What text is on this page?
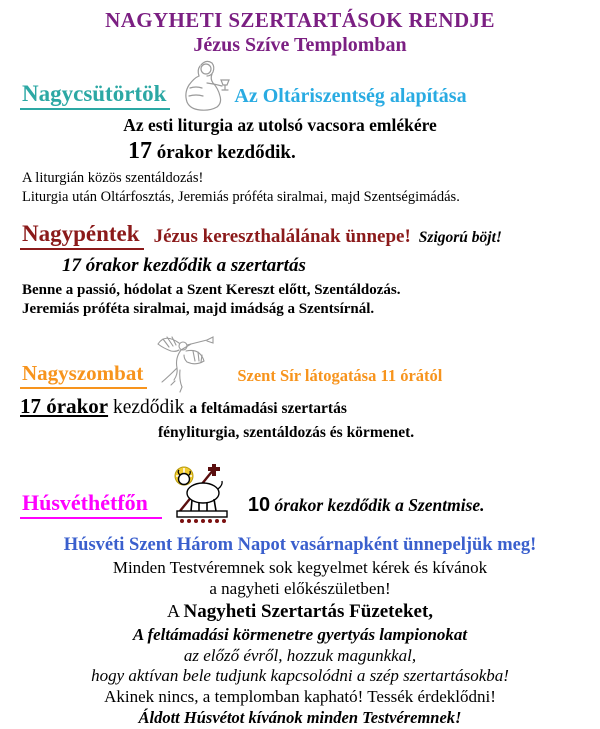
NAGYHETI SZERTARTÁSOK RENDJE
Jézus Szíve Templomban
Nagycsütörtök	Az Oltáriszentség alapítása
Az esti liturgia az utolsó vacsora emlékére
17 órakor kezdődik.
A liturgián közös szentáldozás!
Liturgia után Oltárfosztás, Jeremiás próféta siralmai, majd Szentségimádás.
Nagypéntek Jézus kereszthalálának ünnepe! Szigorú böjt!
17 órakor kezdődik a szertartás
Benne a passió, hódolat a Szent Kereszt előtt, Szentáldozás.
Jeremiás próféta siralmai, majd imádság a Szentsírnál.
Nagyszombat	Szent Sír látogatása 11 órától
17 órakor kezdődik a feltámadási szertartás
fényliturgia, szentáldozás és körmenet.
Húsvéthétfőn	10 órakor kezdődik a Szentmise.
Húsvéti Szent Három Napot vasárnapként ünnepeljük meg!
Minden Testvéremnek sok kegyelmet kérek és kívánok
a nagyheti előkészületben!
A Nagyheti Szertartás Füzeteket,
A feltámadási körmenetre gyertyás lampionokat
az előző évről, hozzuk magunkkal,
hogy aktívan bele tudjunk kapcsolódni a szép szertartásokba!
Akinek nincs, a templomban kapható! Tessék érdeklődni!
Áldott Húsvétot kívánok minden Testvéremnek!
